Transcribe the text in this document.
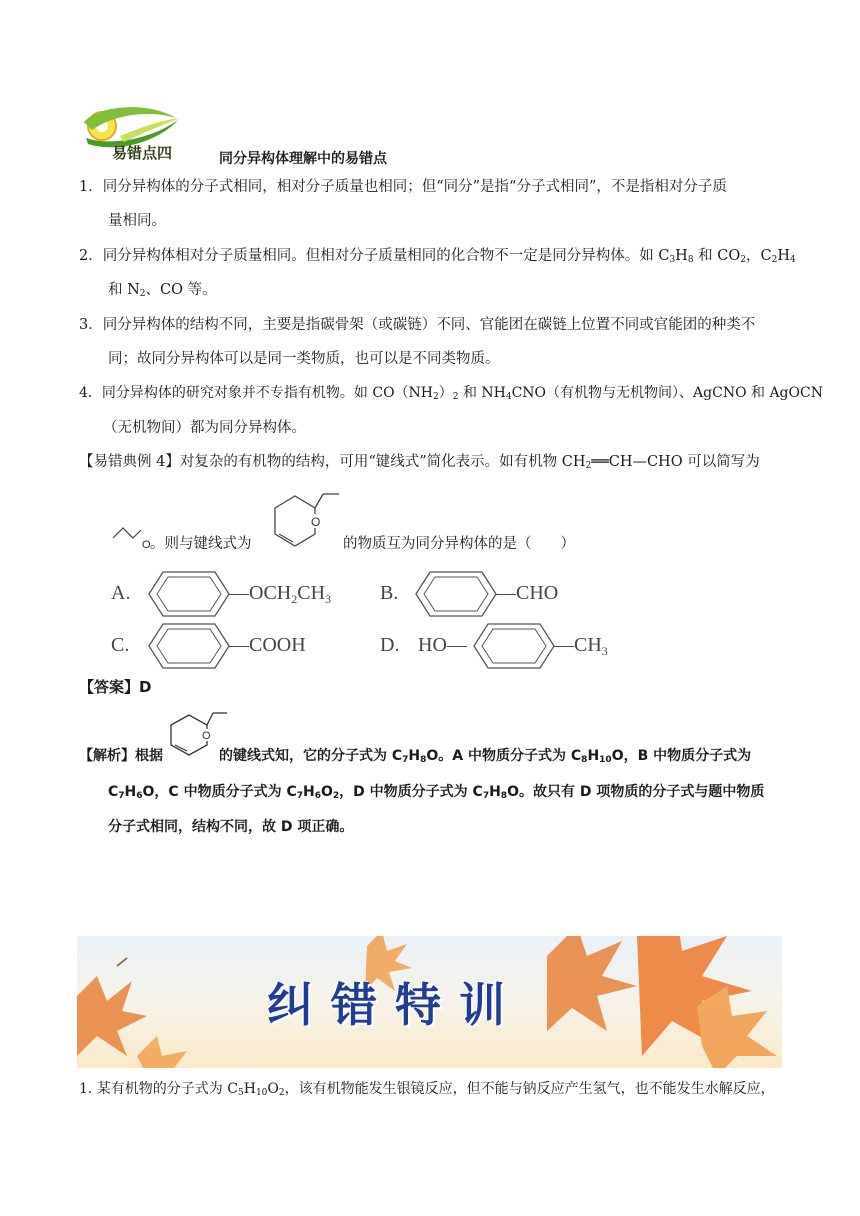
易错点四	同分异构体理解中的易错点
1．同分异构体的分子式相同，相对分子质量也相同；但“同分”是指“分子式相同”，不是指相对分子质
量相同。
2．同分异构体相对分子质量相同。但相对分子质量相同的化合物不一定是同分异构体。如 $C_3H_8$ 和 $CO_2$，$C_2H_4$
和 $N_2$、CO 等。
3．同分异构体的结构不同，主要是指碳骨架（或碳链）不同、官能团在碳链上位置不同或官能团的种类不
同；故同分异构体可以是同一类物质，也可以是不同类物质。
4．同分异构体的研究对象并不专指有机物。如 $CO(NH_2)_2$ 和 $NH_4CNO$（有机物与无机物间）、AgCNO 和 AgOCN
（无机物间）都为同分异构体。
【易错典例 4】对复杂的有机物的结构，可用“键线式”简化表示。如有机物 $CH_2══CH—CHO$ 可以简写为
O 。则与键线式为
O
的物质互为同分异构体的是（　　）
A.	$—OCH_2CH_3$ B.	—CHO
C.	—COOH	D. HO—	$—CH_3$
【答案】D
O
【解析】根据	的键线式知，它的分子式为 $C_7H_8O$。A 中物质分子式为 $C_8H_{10}O$，B 中物质分子式为
$C_7H_6O$，C 中物质分子式为 $C_7H_6O_2$，D 中物质分子式为 $C_7H_8O$。故只有 D 项物质的分子式与题中物质
分子式相同，结构不同，故 D 项正确。
纠错特训
1. 某有机物的分子式为 $C_5H_{10}O_2$，该有机物能发生银镜反应，但不能与钠反应产生氢气，也不能发生水解反应，
